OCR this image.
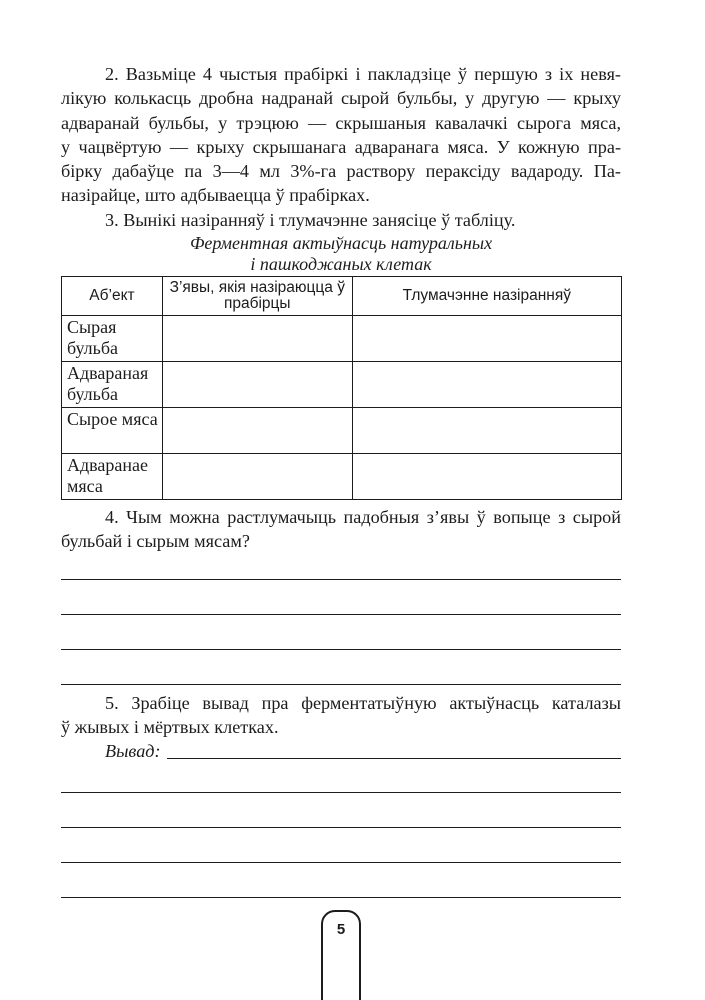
2. Вазьміце 4 чыстыя прабіркі і пакладзіце ў першую з іх невя-
лікую колькасць дробна надранай сырой бульбы, у другую — крыху
адваранай бульбы, у трэцюю — скрышаныя кавалачкі сырога мяса,
у чацвёртую — крыху скрышанага адваранага мяса. У кожную пра-
бірку дабаўце па 3—4 мл 3%-га раствору пераксіду вадароду. Па-
назірайце, што адбываецца ў прабірках.
3. Вынікі назіранняў і тлумачэнне занясіце ў табліцу.
Ферментная актыўнасць натуральных
і пашкоджаных клетак
Аб’ект	З’явы, якія назіраюцца ў прабірцы	Тлумачэнне назіранняў
Сырая бульба		
Адвараная бульба		
Сырое мяса		
Адваранае мяса		
4. Чым можна растлумачыць падобныя з’явы ў вопыце з сырой
бульбай і сырым мясам?
5. Зрабіце вывад пра ферментатыўную актыўнасць каталазы
ў жывых і мёртвых клетках.
Вывад:
5
